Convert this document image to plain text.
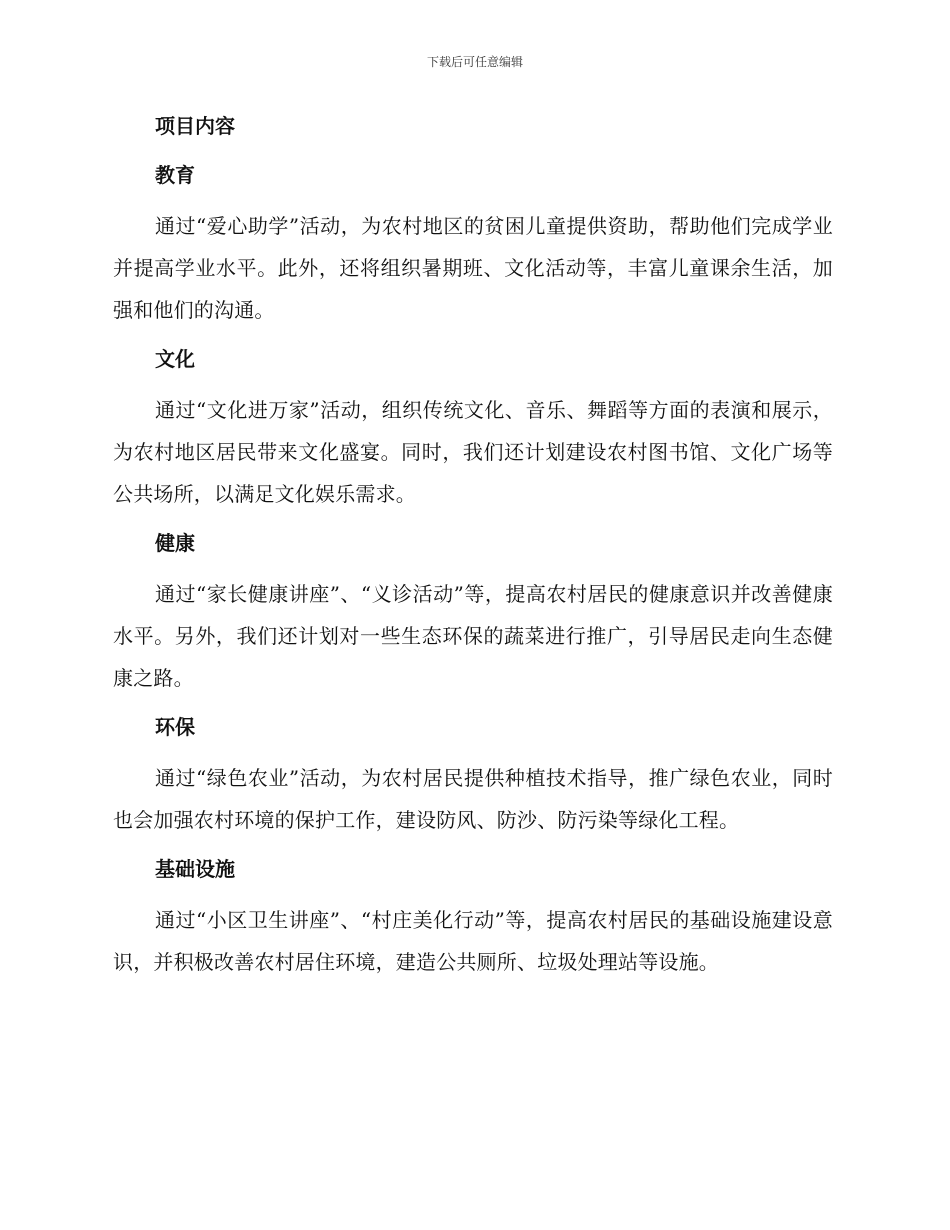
下载后可任意编辑
项目内容
教育
通过“爱心助学”活动，为农村地区的贫困儿童提供资助，帮助他们完成学业并提高学业水平。此外，还将组织暑期班、文化活动等，丰富儿童课余生活，加强和他们的沟通。
文化
通过“文化进万家”活动，组织传统文化、音乐、舞蹈等方面的表演和展示，为农村地区居民带来文化盛宴。同时，我们还计划建设农村图书馆、文化广场等公共场所，以满足文化娱乐需求。
健康
通过“家长健康讲座”、“义诊活动”等，提高农村居民的健康意识并改善健康水平。另外，我们还计划对一些生态环保的蔬菜进行推广，引导居民走向生态健康之路。
环保
通过“绿色农业”活动，为农村居民提供种植技术指导，推广绿色农业，同时也会加强农村环境的保护工作，建设防风、防沙、防污染等绿化工程。
基础设施
通过“小区卫生讲座”、“村庄美化行动”等，提高农村居民的基础设施建设意识，并积极改善农村居住环境，建造公共厕所、垃圾处理站等设施。
